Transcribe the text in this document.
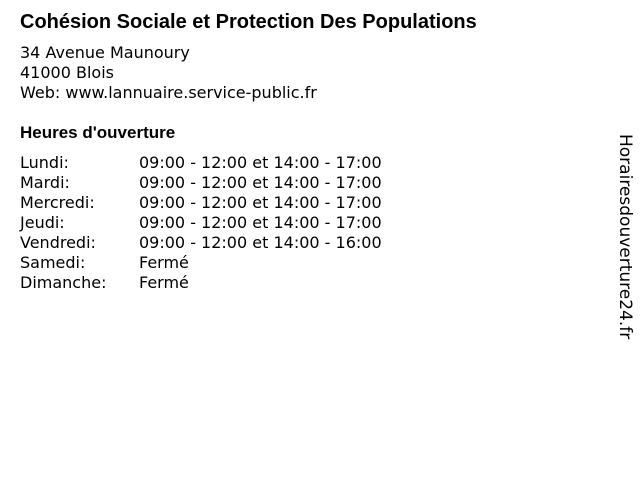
Cohésion Sociale et Protection Des Populations
34 Avenue Maunoury
41000 Blois
Web: www.lannuaire.service-public.fr
Heures d'ouverture
Lundi:	09:00 - 12:00 et 14:00 - 17:00
Mardi:	09:00 - 12:00 et 14:00 - 17:00
Mercredi:	09:00 - 12:00 et 14:00 - 17:00
Jeudi:	09:00 - 12:00 et 14:00 - 17:00
Vendredi:	09:00 - 12:00 et 14:00 - 16:00
Samedi:	Fermé
Dimanche:	Fermé	Horairesdouverture24.fr
